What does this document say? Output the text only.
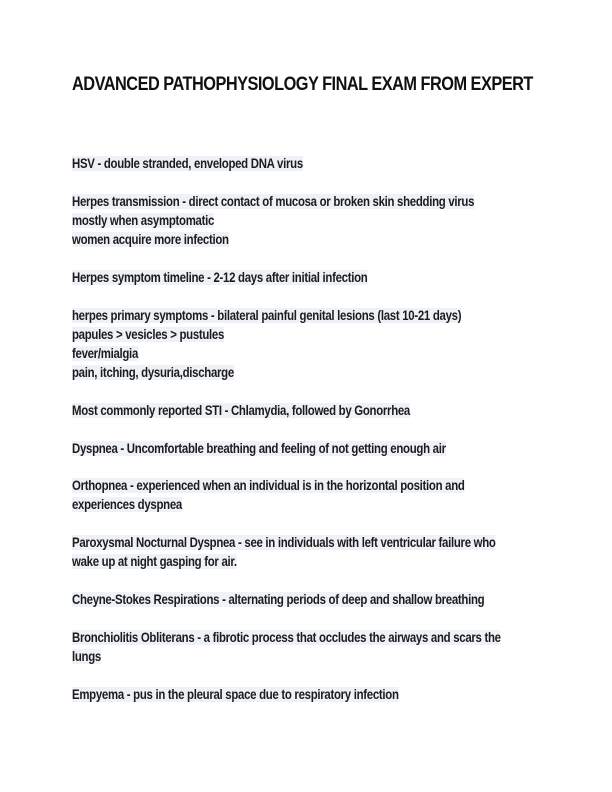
ADVANCED PATHOPHYSIOLOGY FINAL EXAM FROM EXPERT
HSV - double stranded, enveloped DNA virus
Herpes transmission - direct contact of mucosa or broken skin shedding virus
mostly when asymptomatic
women acquire more infection
Herpes symptom timeline - 2-12 days after initial infection
herpes primary symptoms - bilateral painful genital lesions (last 10-21 days)
papules > vesicles > pustules
fever/mialgia
pain, itching, dysuria,discharge
Most commonly reported STI - Chlamydia, followed by Gonorrhea
Dyspnea - Uncomfortable breathing and feeling of not getting enough air
Orthopnea - experienced when an individual is in the horizontal position and
experiences dyspnea
Paroxysmal Nocturnal Dyspnea - see in individuals with left ventricular failure who
wake up at night gasping for air.
Cheyne-Stokes Respirations - alternating periods of deep and shallow breathing
Bronchiolitis Obliterans - a fibrotic process that occludes the airways and scars the
lungs
Empyema - pus in the pleural space due to respiratory infection
